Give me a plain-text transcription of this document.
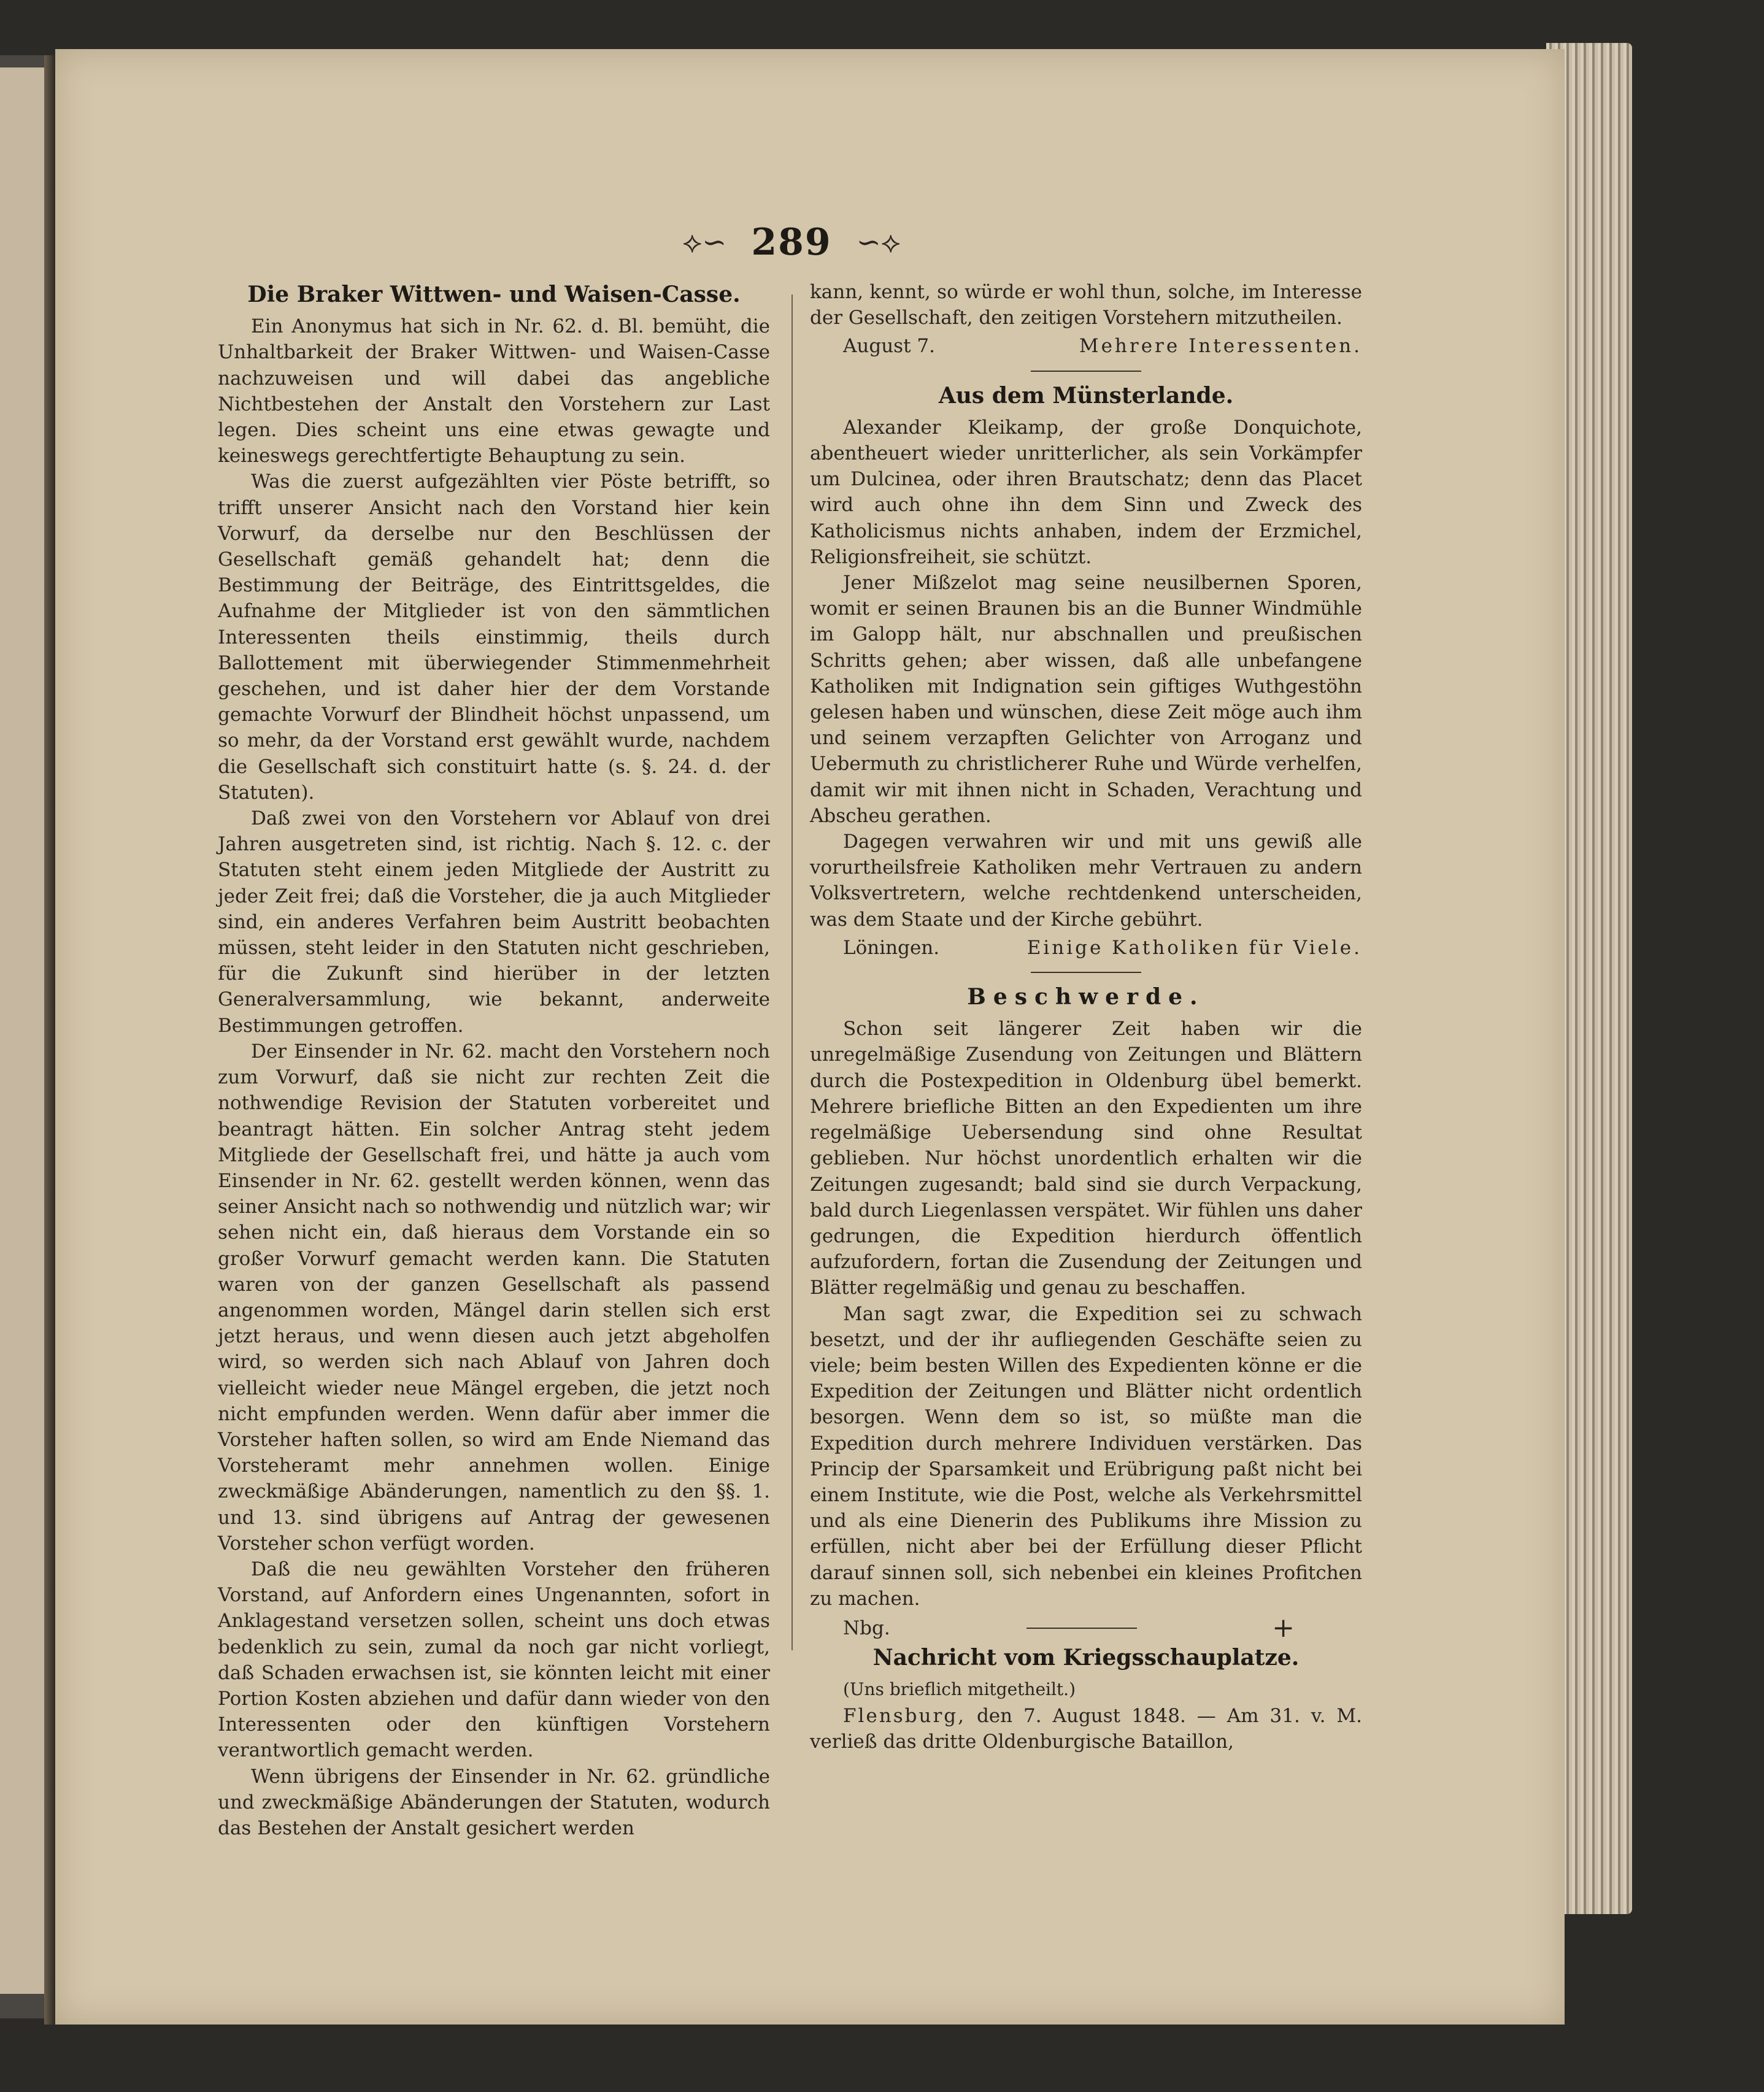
⟡∽ 289 ∽⟡
Die Braker Wittwen- und Waisen-Casse.

Ein Anonymus hat sich in Nr. 62. d. Bl. bemüht, die Unhaltbarkeit der Braker Wittwen- und Waisen-Casse nachzuweisen und will dabei das angebliche Nichtbestehen der Anstalt den Vorstehern zur Last legen. Dies scheint uns eine etwas gewagte und keineswegs gerechtfertigte Behauptung zu sein.

Was die zuerst aufgezählten vier Pöste betrifft, so trifft unserer Ansicht nach den Vorstand hier kein Vorwurf, da derselbe nur den Beschlüssen der Gesellschaft gemäß gehandelt hat; denn die Bestimmung der Beiträge, des Eintrittsgeldes, die Aufnahme der Mitglieder ist von den sämmtlichen Interessenten theils einstimmig, theils durch Ballottement mit überwiegender Stimmenmehrheit geschehen, und ist daher hier der dem Vorstande gemachte Vorwurf der Blindheit höchst unpassend, um so mehr, da der Vorstand erst gewählt wurde, nachdem die Gesellschaft sich constituirt hatte (s. §. 24. d. der Statuten).

Daß zwei von den Vorstehern vor Ablauf von drei Jahren ausgetreten sind, ist richtig. Nach §. 12. c. der Statuten steht einem jeden Mitgliede der Austritt zu jeder Zeit frei; daß die Vorsteher, die ja auch Mitglieder sind, ein anderes Verfahren beim Austritt beobachten müssen, steht leider in den Statuten nicht geschrieben, für die Zukunft sind hierüber in der letzten Generalversammlung, wie bekannt, anderweite Bestimmungen getroffen.

Der Einsender in Nr. 62. macht den Vorstehern noch zum Vorwurf, daß sie nicht zur rechten Zeit die nothwendige Revision der Statuten vorbereitet und beantragt hätten. Ein solcher Antrag steht jedem Mitgliede der Gesellschaft frei, und hätte ja auch vom Einsender in Nr. 62. gestellt werden können, wenn das seiner Ansicht nach so nothwendig und nützlich war; wir sehen nicht ein, daß hieraus dem Vorstande ein so großer Vorwurf gemacht werden kann. Die Statuten waren von der ganzen Gesellschaft als passend angenommen worden, Mängel darin stellen sich erst jetzt heraus, und wenn diesen auch jetzt abgeholfen wird, so werden sich nach Ablauf von Jahren doch vielleicht wieder neue Mängel ergeben, die jetzt noch nicht empfunden werden. Wenn dafür aber immer die Vorsteher haften sollen, so wird am Ende Niemand das Vorsteheramt mehr annehmen wollen. Einige zweckmäßige Abänderungen, namentlich zu den §§. 1. und 13. sind übrigens auf Antrag der gewesenen Vorsteher schon verfügt worden.

Daß die neu gewählten Vorsteher den früheren Vorstand, auf Anfordern eines Ungenannten, sofort in Anklagestand versetzen sollen, scheint uns doch etwas bedenklich zu sein, zumal da noch gar nicht vorliegt, daß Schaden erwachsen ist, sie könnten leicht mit einer Portion Kosten abziehen und dafür dann wieder von den Interessenten oder den künftigen Vorstehern verantwortlich gemacht werden.

Wenn übrigens der Einsender in Nr. 62. gründliche und zweckmäßige Abänderungen der Statuten, wodurch das Bestehen der Anstalt gesichert werden

kann, kennt, so würde er wohl thun, solche, im Interesse der Gesellschaft, den zeitigen Vorstehern mitzutheilen.

August 7.	Mehrere Interessenten.
Aus dem Münsterlande.

Alexander Kleikamp, der große Donquichote, abentheuert wieder unritterlicher, als sein Vorkämpfer um Dulcinea, oder ihren Brautschatz; denn das Placet wird auch ohne ihn dem Sinn und Zweck des Katholicismus nichts anhaben, indem der Erzmichel, Religionsfreiheit, sie schützt.

Jener Mißzelot mag seine neusilbernen Sporen, womit er seinen Braunen bis an die Bunner Windmühle im Galopp hält, nur abschnallen und preußischen Schritts gehen; aber wissen, daß alle unbefangene Katholiken mit Indignation sein giftiges Wuthgestöhn gelesen haben und wünschen, diese Zeit möge auch ihm und seinem verzapften Gelichter von Arroganz und Uebermuth zu christlicherer Ruhe und Würde verhelfen, damit wir mit ihnen nicht in Schaden, Verachtung und Abscheu gerathen.

Dagegen verwahren wir und mit uns gewiß alle vorurtheilsfreie Katholiken mehr Vertrauen zu andern Volksvertretern, welche rechtdenkend unterscheiden, was dem Staate und der Kirche gebührt.

Löningen.	Einige Katholiken für Viele.
Beschwerde.

Schon seit längerer Zeit haben wir die unregelmäßige Zusendung von Zeitungen und Blättern durch die Postexpedition in Oldenburg übel bemerkt. Mehrere briefliche Bitten an den Expedienten um ihre regelmäßige Uebersendung sind ohne Resultat geblieben. Nur höchst unordentlich erhalten wir die Zeitungen zugesandt; bald sind sie durch Verpackung, bald durch Liegenlassen verspätet. Wir fühlen uns daher gedrungen, die Expedition hierdurch öffentlich aufzufordern, fortan die Zusendung der Zeitungen und Blätter regelmäßig und genau zu beschaffen.

Man sagt zwar, die Expedition sei zu schwach besetzt, und der ihr aufliegenden Geschäfte seien zu viele; beim besten Willen des Expedienten könne er die Expedition der Zeitungen und Blätter nicht ordentlich besorgen. Wenn dem so ist, so müßte man die Expedition durch mehrere Individuen verstärken. Das Princip der Sparsamkeit und Erübrigung paßt nicht bei einem Institute, wie die Post, welche als Verkehrsmittel und als eine Dienerin des Publikums ihre Mission zu erfüllen, nicht aber bei der Erfüllung dieser Pflicht darauf sinnen soll, sich nebenbei ein kleines Profitchen zu machen.

Nbg.	+
Nachricht vom Kriegsschauplatze.

(Uns brieflich mitgetheilt.)

Flensburg, den 7. August 1848. — Am 31. v. M. verließ das dritte Oldenburgische Bataillon,
